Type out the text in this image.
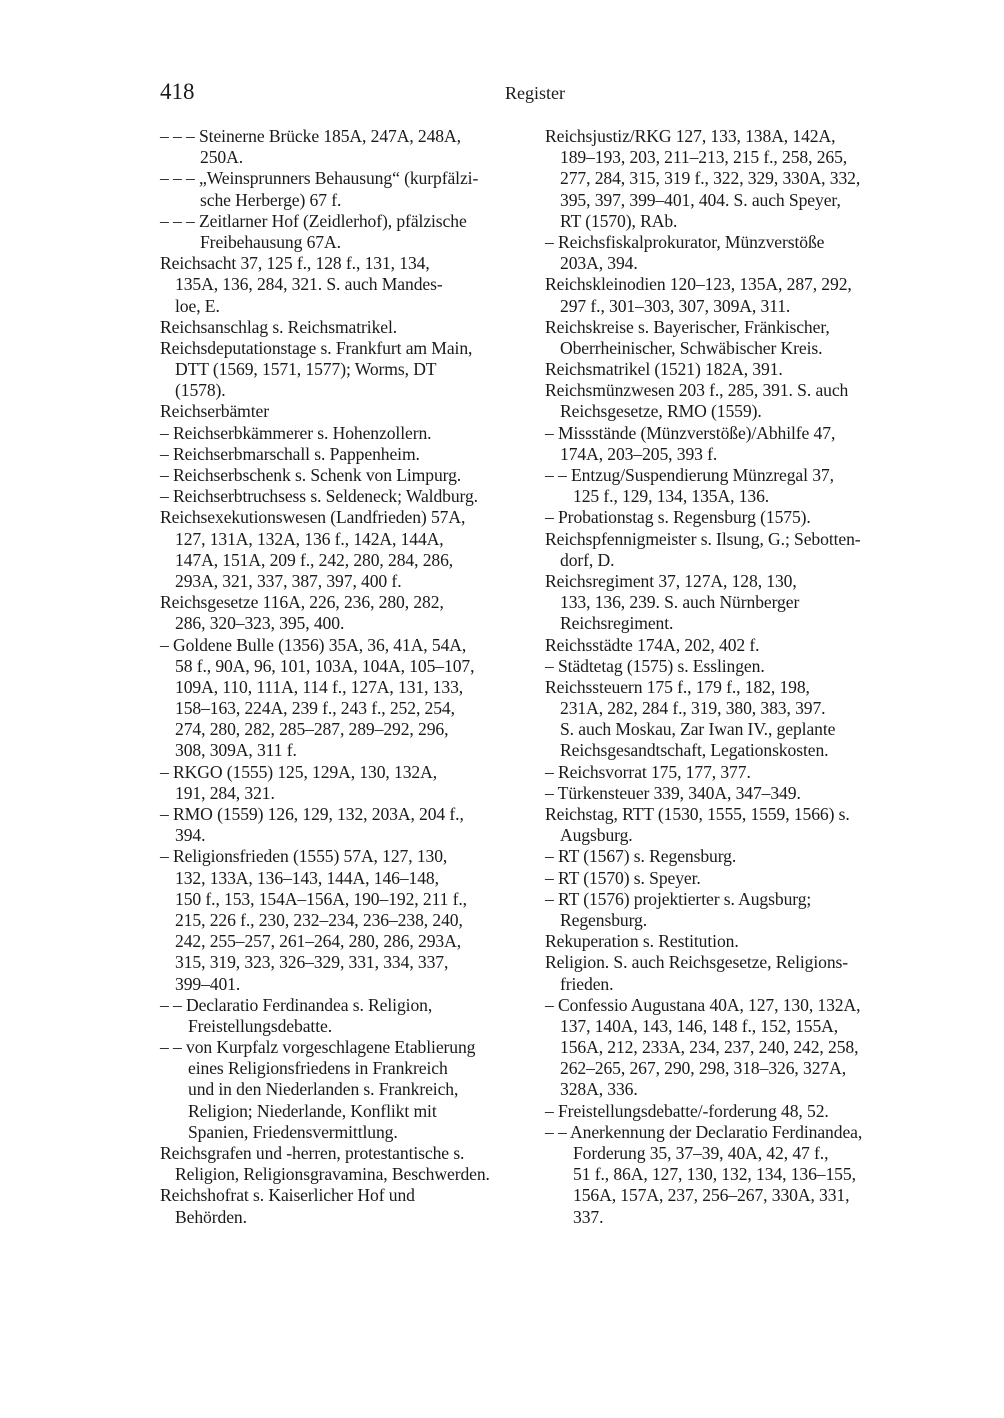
418	Register
– – – Steinerne Brücke 185A, 247A, 248A,
250A.
– – – „Weinsprunners Behausung“ (kurpfälzi-
sche Herberge) 67 f.
– – – Zeitlarner Hof (Zeidlerhof), pfälzische
Freibehausung 67A.
Reichsacht 37, 125 f., 128 f., 131, 134,
135A, 136, 284, 321. S. auch Mandes-
loe, E.
Reichsanschlag s. Reichsmatrikel.
Reichsdeputationstage s. Frankfurt am Main,
DTT (1569, 1571, 1577); Worms, DT
(1578).
Reichserbämter
– Reichserbkämmerer s. Hohenzollern.
– Reichserbmarschall s. Pappenheim.
– Reichserbschenk s. Schenk von Limpurg.
– Reichserbtruchsess s. Seldeneck; Waldburg.
Reichsexekutionswesen (Landfrieden) 57A,
127, 131A, 132A, 136 f., 142A, 144A,
147A, 151A, 209 f., 242, 280, 284, 286,
293A, 321, 337, 387, 397, 400 f.
Reichsgesetze 116A, 226, 236, 280, 282,
286, 320–323, 395, 400.
– Goldene Bulle (1356) 35A, 36, 41A, 54A,
58 f., 90A, 96, 101, 103A, 104A, 105–107,
109A, 110, 111A, 114 f., 127A, 131, 133,
158–163, 224A, 239 f., 243 f., 252, 254,
274, 280, 282, 285–287, 289–292, 296,
308, 309A, 311 f.
– RKGO (1555) 125, 129A, 130, 132A,
191, 284, 321.
– RMO (1559) 126, 129, 132, 203A, 204 f.,
394.
– Religionsfrieden (1555) 57A, 127, 130,
132, 133A, 136–143, 144A, 146–148,
150 f., 153, 154A–156A, 190–192, 211 f.,
215, 226 f., 230, 232–234, 236–238, 240,
242, 255–257, 261–264, 280, 286, 293A,
315, 319, 323, 326–329, 331, 334, 337,
399–401.
– – Declaratio Ferdinandea s. Religion,
Freistellungsdebatte.
– – von Kurpfalz vorgeschlagene Etablierung
eines Religionsfriedens in Frankreich
und in den Niederlanden s. Frankreich,
Religion; Niederlande, Konflikt mit
Spanien, Friedensvermittlung.
Reichsgrafen und -herren, protestantische s.
Religion, Religionsgravamina, Beschwerden.
Reichshofrat s. Kaiserlicher Hof und
Behörden.
Reichsjustiz/RKG 127, 133, 138A, 142A,
189–193, 203, 211–213, 215 f., 258, 265,
277, 284, 315, 319 f., 322, 329, 330A, 332,
395, 397, 399–401, 404. S. auch Speyer,
RT (1570), RAb.
– Reichsfiskalprokurator, Münzverstöße
203A, 394.
Reichskleinodien 120–123, 135A, 287, 292,
297 f., 301–303, 307, 309A, 311.
Reichskreise s. Bayerischer, Fränkischer,
Oberrheinischer, Schwäbischer Kreis.
Reichsmatrikel (1521) 182A, 391.
Reichsmünzwesen 203 f., 285, 391. S. auch
Reichsgesetze, RMO (1559).
– Missstände (Münzverstöße)/Abhilfe 47,
174A, 203–205, 393 f.
– – Entzug/Suspendierung Münzregal 37,
125 f., 129, 134, 135A, 136.
– Probationstag s. Regensburg (1575).
Reichspfennigmeister s. Ilsung, G.; Sebotten-
dorf, D.
Reichsregiment 37, 127A, 128, 130,
133, 136, 239. S. auch Nürnberger
Reichsregiment.
Reichsstädte 174A, 202, 402 f.
– Städtetag (1575) s. Esslingen.
Reichssteuern 175 f., 179 f., 182, 198,
231A, 282, 284 f., 319, 380, 383, 397.
S. auch Moskau, Zar Iwan IV., geplante
Reichsgesandtschaft, Legationskosten.
– Reichsvorrat 175, 177, 377.
– Türkensteuer 339, 340A, 347–349.
Reichstag, RTT (1530, 1555, 1559, 1566) s.
Augsburg.
– RT (1567) s. Regensburg.
– RT (1570) s. Speyer.
– RT (1576) projektierter s. Augsburg;
Regensburg.
Rekuperation s. Restitution.
Religion. S. auch Reichsgesetze, Religions-
frieden.
– Confessio Augustana 40A, 127, 130, 132A,
137, 140A, 143, 146, 148 f., 152, 155A,
156A, 212, 233A, 234, 237, 240, 242, 258,
262–265, 267, 290, 298, 318–326, 327A,
328A, 336.
– Freistellungsdebatte/-forderung 48, 52.
– – Anerkennung der Declaratio Ferdinandea,
Forderung 35, 37–39, 40A, 42, 47 f.,
51 f., 86A, 127, 130, 132, 134, 136–155,
156A, 157A, 237, 256–267, 330A, 331,
337.
